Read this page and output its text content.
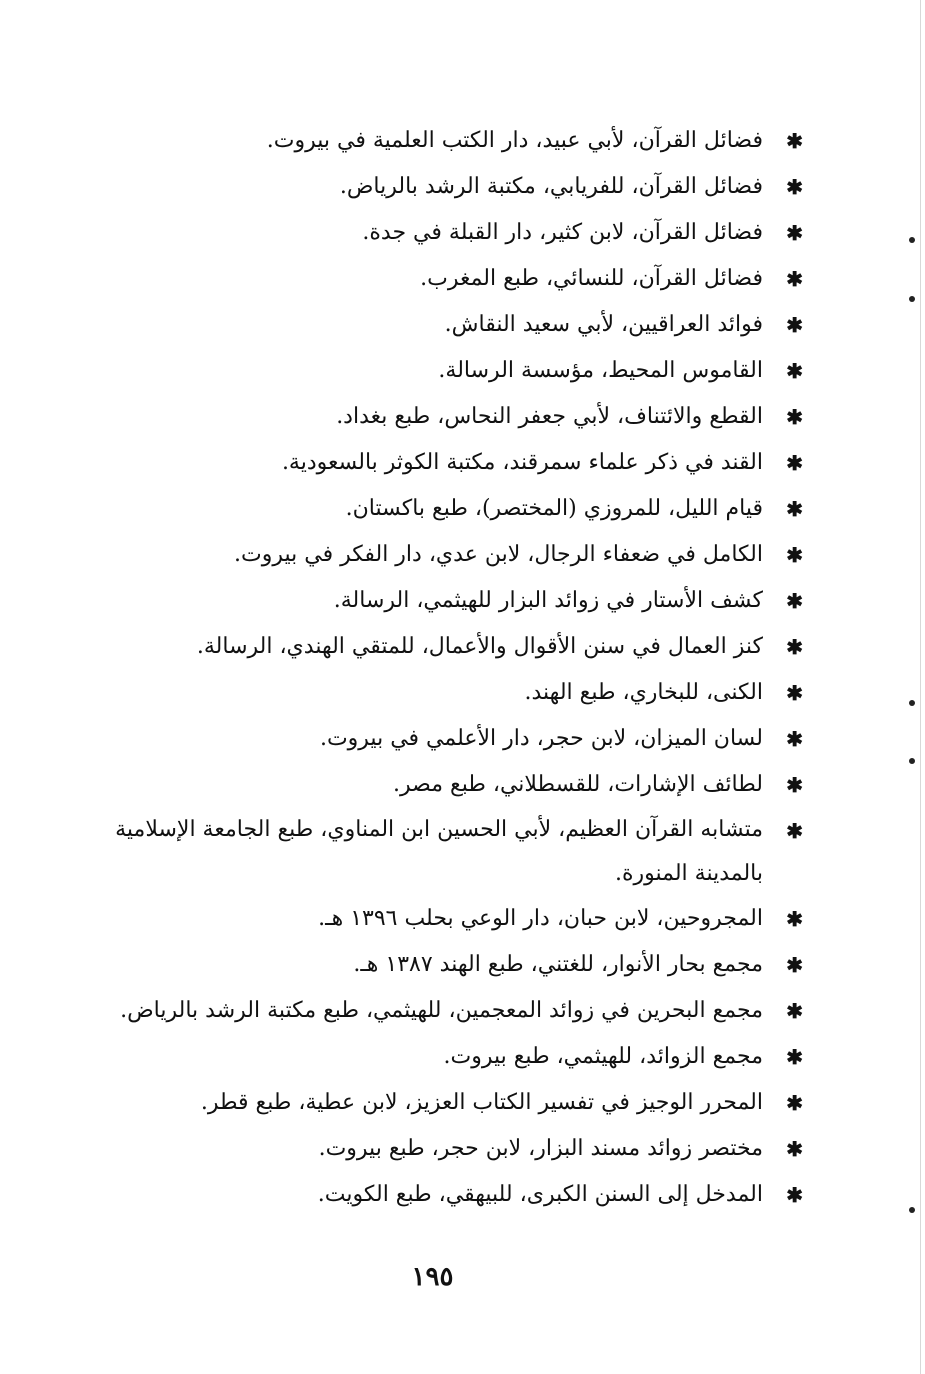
✱
فضائل القرآن، لأبي عبيد، دار الكتب العلمية في بيروت.
✱
فضائل القرآن، للفريابي، مكتبة الرشد بالرياض.
✱
فضائل القرآن، لابن كثير، دار القبلة في جدة.
✱
فضائل القرآن، للنسائي، طبع المغرب.
✱
فوائد العراقيين، لأبي سعيد النقاش.
✱
القاموس المحيط، مؤسسة الرسالة.
✱
القطع والائتناف، لأبي جعفر النحاس، طبع بغداد.
✱
القند في ذكر علماء سمرقند، مكتبة الكوثر بالسعودية.
✱
قيام الليل، للمروزي (المختصر)، طبع باكستان.
✱
الكامل في ضعفاء الرجال، لابن عدي، دار الفكر في بيروت.
✱
كشف الأستار في زوائد البزار للهيثمي، الرسالة.
✱
كنز العمال في سنن الأقوال والأعمال، للمتقي الهندي، الرسالة.
✱
الكنى، للبخاري، طبع الهند.
✱
لسان الميزان، لابن حجر، دار الأعلمي في بيروت.
✱
لطائف الإشارات، للقسطلاني، طبع مصر.
✱
متشابه القرآن العظيم، لأبي الحسين ابن المناوي، طبع الجامعة الإسلامية بالمدينة المنورة.
✱
المجروحين، لابن حبان، دار الوعي بحلب ١٣٩٦ هـ.
✱
مجمع بحار الأنوار، للغتني، طبع الهند ١٣٨٧ هـ.
✱
مجمع البحرين في زوائد المعجمين، للهيثمي، طبع مكتبة الرشد بالرياض.
✱
مجمع الزوائد، للهيثمي، طبع بيروت.
✱
المحرر الوجيز في تفسير الكتاب العزيز، لابن عطية، طبع قطر.
✱
مختصر زوائد مسند البزار، لابن حجر، طبع بيروت.
✱
المدخل إلى السنن الكبرى، للبيهقي، طبع الكويت.
١٩٥
